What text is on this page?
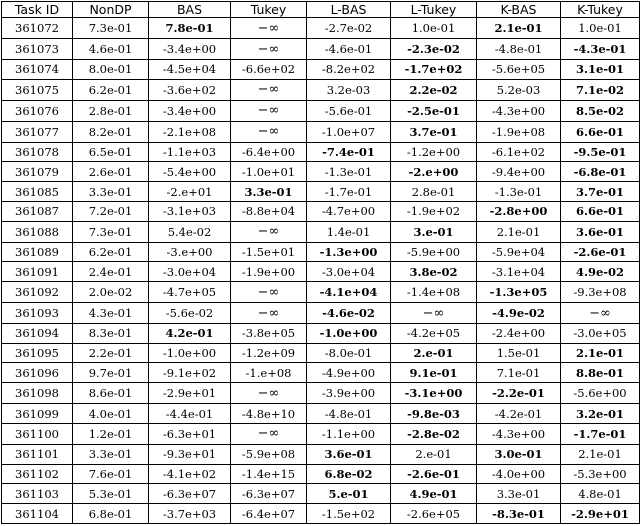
Task ID	NonDP	BAS	Tukey	L-BAS	L-Tukey	K-BAS	K-Tukey
361072	7.3e-01	7.8e-01	−∞	-2.7e-02	1.0e-01	2.1e-01	1.0e-01
361073	4.6e-01	-3.4e+00	−∞	-4.6e-01	-2.3e-02	-4.8e-01	-4.3e-01
361074	8.0e-01	-4.5e+04	-6.6e+02	-8.2e+02	-1.7e+02	-5.6e+05	3.1e-01
361075	6.2e-01	-3.6e+02	−∞	3.2e-03	2.2e-02	5.2e-03	7.1e-02
361076	2.8e-01	-3.4e+00	−∞	-5.6e-01	-2.5e-01	-4.3e+00	8.5e-02
361077	8.2e-01	-2.1e+08	−∞	-1.0e+07	3.7e-01	-1.9e+08	6.6e-01
361078	6.5e-01	-1.1e+03	-6.4e+00	-7.4e-01	-1.2e+00	-6.1e+02	-9.5e-01
361079	2.6e-01	-5.4e+00	-1.0e+01	-1.3e-01	-2.e+00	-9.4e+00	-6.8e-01
361085	3.3e-01	-2.e+01	3.3e-01	-1.7e-01	2.8e-01	-1.3e-01	3.7e-01
361087	7.2e-01	-3.1e+03	-8.8e+04	-4.7e+00	-1.9e+02	-2.8e+00	6.6e-01
361088	7.3e-01	5.4e-02	−∞	1.4e-01	3.e-01	2.1e-01	3.6e-01
361089	6.2e-01	-3.e+00	-1.5e+01	-1.3e+00	-5.9e+00	-5.9e+04	-2.6e-01
361091	2.4e-01	-3.0e+04	-1.9e+00	-3.0e+04	3.8e-02	-3.1e+04	4.9e-02
361092	2.0e-02	-4.7e+05	−∞	-4.1e+04	-1.4e+08	-1.3e+05	-9.3e+08
361093	4.3e-01	-5.6e-02	−∞	-4.6e-02	−∞	-4.9e-02	−∞
361094	8.3e-01	4.2e-01	-3.8e+05	-1.0e+00	-4.2e+05	-2.4e+00	-3.0e+05
361095	2.2e-01	-1.0e+00	-1.2e+09	-8.0e-01	2.e-01	1.5e-01	2.1e-01
361096	9.7e-01	-9.1e+02	-1.e+08	-4.9e+00	9.1e-01	7.1e-01	8.8e-01
361098	8.6e-01	-2.9e+01	−∞	-3.9e+00	-3.1e+00	-2.2e-01	-5.6e+00
361099	4.0e-01	-4.4e-01	-4.8e+10	-4.8e-01	-9.8e-03	-4.2e-01	3.2e-01
361100	1.2e-01	-6.3e+01	−∞	-1.1e+00	-2.8e-02	-4.3e+00	-1.7e-01
361101	3.3e-01	-9.3e+01	-5.9e+08	3.6e-01	2.e-01	3.0e-01	2.1e-01
361102	7.6e-01	-4.1e+02	-1.4e+15	6.8e-02	-2.6e-01	-4.0e+00	-5.3e+00
361103	5.3e-01	-6.3e+07	-6.3e+07	5.e-01	4.9e-01	3.3e-01	4.8e-01
361104	6.8e-01	-3.7e+03	-6.4e+07	-1.5e+02	-2.6e+05	-8.3e-01	-2.9e+01
